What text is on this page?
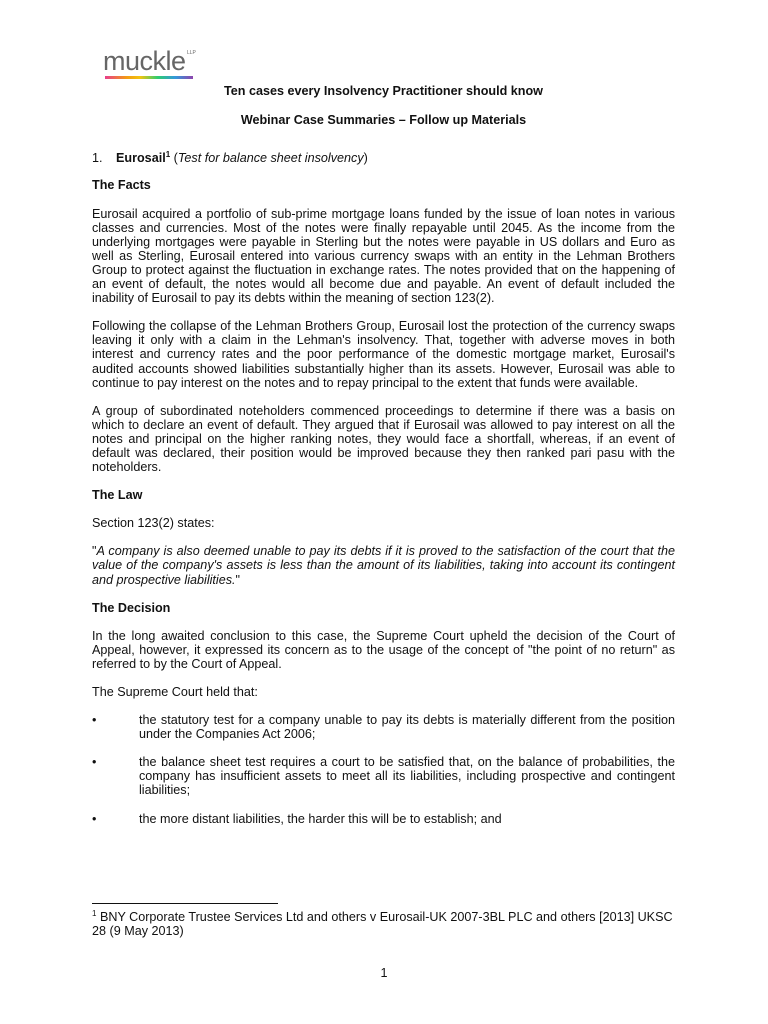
muckle LLP
Ten cases every Insolvency Practitioner should know
Webinar Case Summaries – Follow up Materials
1. Eurosail$^1$ (Test for balance sheet insolvency)
The Facts

Eurosail acquired a portfolio of sub-prime mortgage loans funded by the issue of loan notes in various classes and currencies. Most of the notes were finally repayable until 2045. As the income from the underlying mortgages were payable in Sterling but the notes were payable in US dollars and Euro as well as Sterling, Eurosail entered into various currency swaps with an entity in the Lehman Brothers Group to protect against the fluctuation in exchange rates. The notes provided that on the happening of an event of default, the notes would all become due and payable. An event of default included the inability of Eurosail to pay its debts within the meaning of section 123(2).

Following the collapse of the Lehman Brothers Group, Eurosail lost the protection of the currency swaps leaving it only with a claim in the Lehman's insolvency. That, together with adverse moves in both interest and currency rates and the poor performance of the domestic mortgage market, Eurosail's audited accounts showed liabilities substantially higher than its assets. However, Eurosail was able to continue to pay interest on the notes and to repay principal to the extent that funds were available.

A group of subordinated noteholders commenced proceedings to determine if there was a basis on which to declare an event of default. They argued that if Eurosail was allowed to pay interest on all the notes and principal on the higher ranking notes, they would face a shortfall, whereas, if an event of default was declared, their position would be improved because they then ranked pari pasu with the noteholders.

The Law

Section 123(2) states:

"A company is also deemed unable to pay its debts if it is proved to the satisfaction of the court that the value of the company's assets is less than the amount of its liabilities, taking into account its contingent and prospective liabilities."

The Decision

In the long awaited conclusion to this case, the Supreme Court upheld the decision of the Court of Appeal, however, it expressed its concern as to the usage of the concept of "the point of no return" as referred to by the Court of Appeal.

The Supreme Court held that:

•	the statutory test for a company unable to pay its debts is materially different from the position under the Companies Act 2006;
•	the balance sheet test requires a court to be satisfied that, on the balance of probabilities, the company has insufficient assets to meet all its liabilities, including prospective and contingent liabilities;
•	the more distant liabilities, the harder this will be to establish; and
$^1$ BNY Corporate Trustee Services Ltd and others v Eurosail-UK 2007-3BL PLC and others [2013] UKSC 28 (9 May 2013)
1
